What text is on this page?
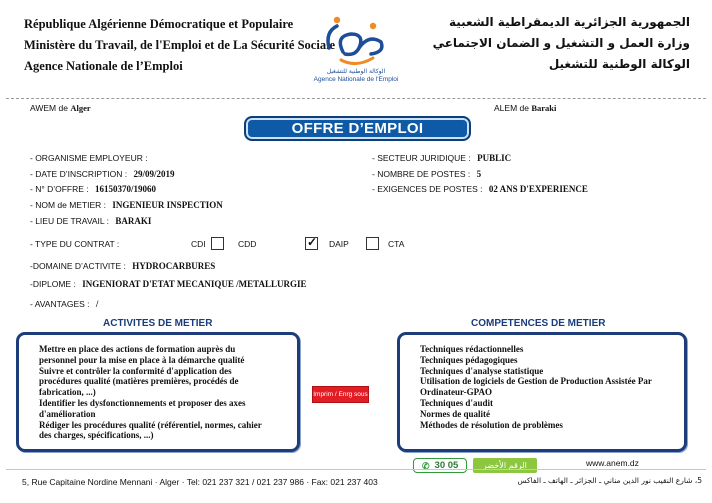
République Algérienne Démocratique et Populaire
Ministère du Travail, de l'Emploi et de La Sécurité Sociale
Agence Nationale de l’Emploi	الوكالة الوطنية للتشغيل
Agence Nationale de l'Emploi
الجمهورية الجزائرية الديمقراطية الشعبية
وزارة العمل و التشغيل و الضمان الاجتماعي
الوكالة الوطنية للتشغيل
AWEM de Alger	ALEM de Baraki
OFFRE D’EMPLOI
- ORGANISME EMPLOYEUR :
- DATE D’INSCRIPTION : 29/09/2019
- N° D’OFFRE : 16150370/19060
- NOM de METIER : INGENIEUR INSPECTION
- LIEU DE TRAVAIL : BARAKI
- SECTEUR JURIDIQUE : PUBLIC
- NOMBRE DE POSTES : 5
- EXIGENCES DE POSTES : 02 ANS D'EXPERIENCE
- TYPE DU CONTRAT :	CDI	CDD
✓	DAIP	CTA
-DOMAINE D’ACTIVITE : HYDROCARBURES
-DIPLOME : INGENIORAT D'ETAT MECANIQUE /METALLURGIE
- AVANTAGES : /
ACTIVITES DE METIER	COMPETENCES DE METIER
Mettre en place des actions de formation auprès du
personnel pour la mise en place à la démarche qualité
Suivre et contrôler la conformité d'application des
procédures qualité (matières premières, procédés de
fabrication, ...)
Identifier les dysfonctionnements et proposer des axes
d'amélioration
Rédiger les procédures qualité (référentiel, normes, cahier
des charges, spécifications, ...)
Imprim / Enrg sous
Techniques rédactionnelles
Techniques pédagogiques
Techniques d'analyse statistique
Utilisation de logiciels de Gestion de Production Assistée Par
Ordinateur-GPAO
Techniques d'audit
Normes de qualité
Méthodes de résolution de problèmes
✆ 30 05	الرقم الأخضر	www.anem.dz
5, Rue Capitaine Nordine Mennani · Alger · Tel: 021 237 321 / 021 237 986 · Fax: 021 237 403	5، شارع النقيب نور الدين مناني ـ الجزائر ـ الهاتف ـ الفاكس
